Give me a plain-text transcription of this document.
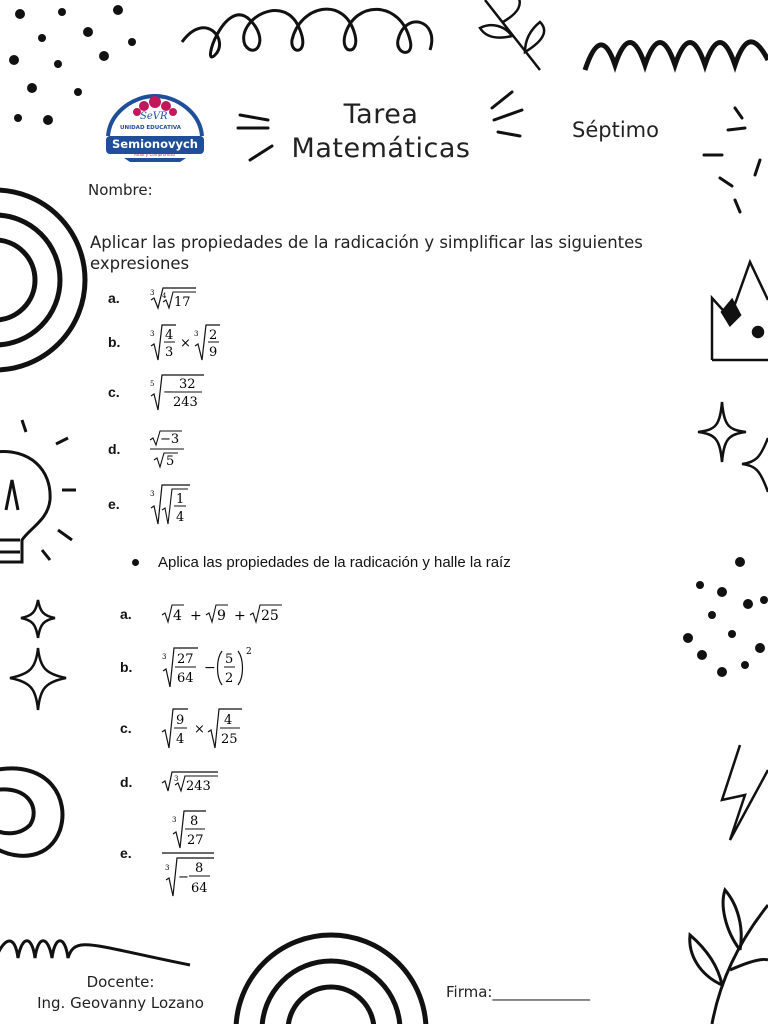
SeVR
UNIDAD EDUCATIVA
Semionovych
Amor y Compromiso
Tarea
Matemáticas
Séptimo
Nombre:
Aplicar las propiedades de la radicación y simplificar las siguientes expresiones
a.	3 4 17
b.	3 4
3
×
3 2
9
c.	5
−
32
243
d.
−3
5
e.
3 1
4
Aplica las propiedades de la radicación y halle la raíz
a.	4 + 9 + 25
b.
3 27
64
−
5
2
2
c.	9
4
×
4
25
d.	3 243
e.
3 8
27
3
−
8
64
Docente:
Ing. Geovanny Lozano
Firma:_____________
